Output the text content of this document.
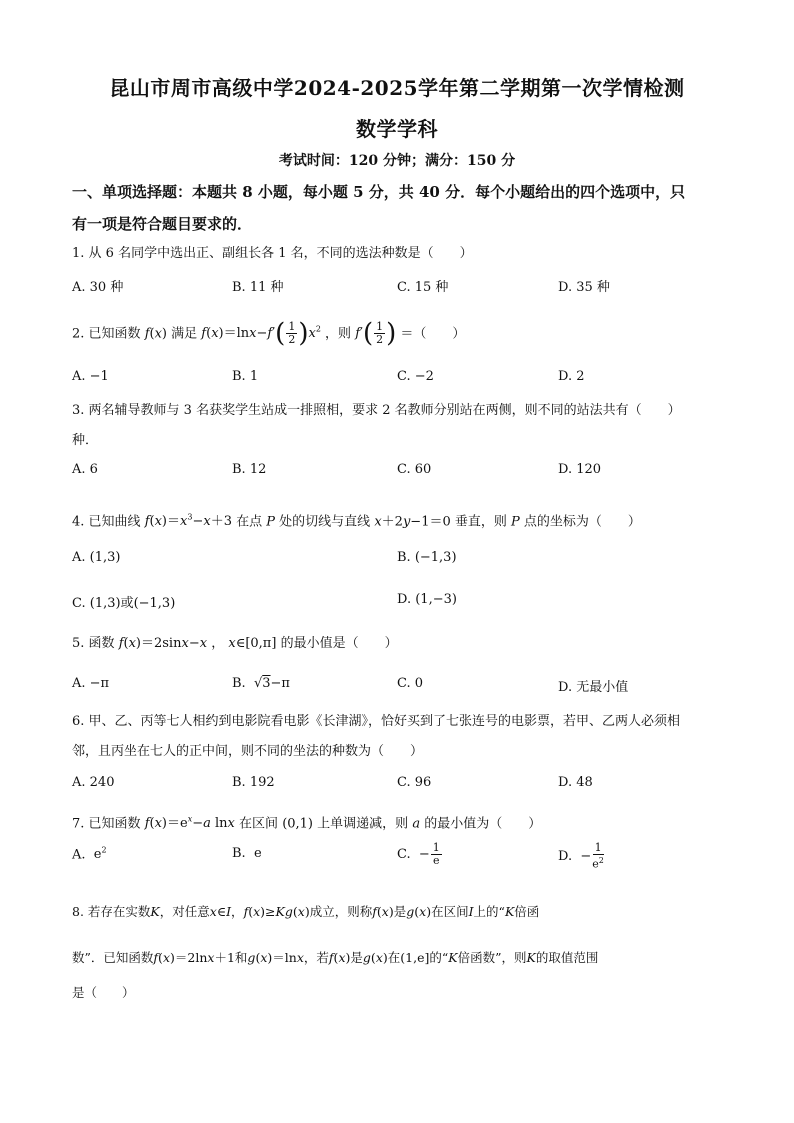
昆山市周市高级中学2024-2025学年第二学期第一次学情检测
数学学科
考试时间：120 分钟；满分：150 分
一、单项选择题：本题共 8 小题，每小题 5 分，共 40 分．每个小题给出的四个选项中，只
有一项是符合题目要求的．
1. 从 6 名同学中选出正、副组长各 1 名，不同的选法种数是（　　）
A. 30 种	B. 11 种	C. 15 种	D. 35 种
2. 已知函数 f(x) 满足 $f(x)=\ln x-f'( \frac{1}{2} )x^2$ ，则 $f'( \frac{1}{2}$ ) ＝（　　）
A. −1	B. 1	C. −2	D. 2
3. 两名辅导教师与 3 名获奖学生站成一排照相，要求 2 名教师分别站在两侧，则不同的站法共有（　　）
种．
A. 6	B. 12	C. 60	D. 120
4. 已知曲线 $f(x)=x^3-x+3$ 在点 P 处的切线与直线 x＋2y−1＝0 垂直，则 P 点的坐标为（　　）
A. (1,3)	B. (−1,3)
C. (1,3)或(−1,3)	D. (1,−3)
5. 函数 f(x)＝2sinx−x ， x∈[0,π] 的最小值是（　　）
A. −π	B. √3−π	C. 0	D. 无最小值
6. 甲、乙、丙等七人相约到电影院看电影《长津湖》，恰好买到了七张连号的电影票，若甲、乙两人必须相
邻，且丙坐在七人的正中间，则不同的坐法的种数为（　　）
A. 240	B. 192	C. 96	D. 48
7. 已知函数 $f(x)=e^x-a$ lnx 在区间 (0,1) 上单调递减，则 a 的最小值为（　　）
A. $e^2$	B. e	C. − $\frac{1}{e}$	D. − $\frac{1}{e^2}$
8. 若存在实数K，对任意x∈I，f(x)≥Kg(x)成立，则称f(x)是g(x)在区间I上的“K倍函
数”．已知函数f(x)＝2lnx＋1和g(x)＝lnx，若f(x)是g(x)在(1,e]的“K倍函数”，则K的取值范围
是（　　）
